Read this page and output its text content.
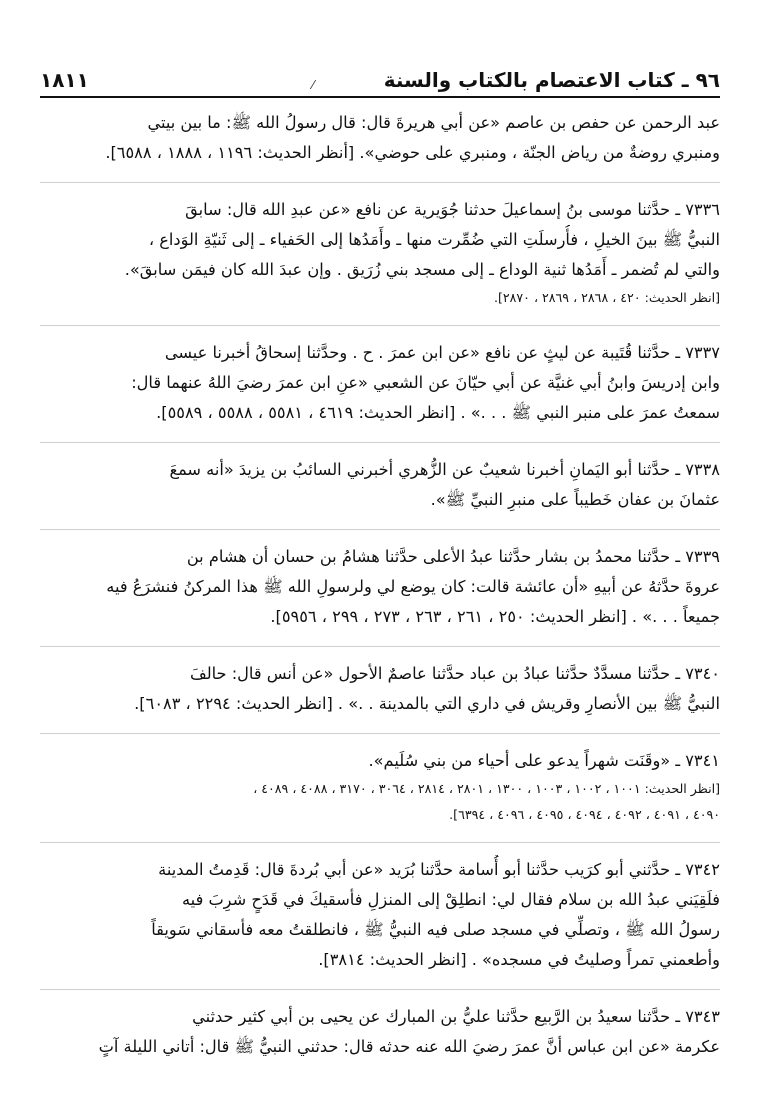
١٨١١	٩٦ ـ كتاب الاعتصام بالكتاب والسنة
⁄
عبد الرحمن عن حفص بن عاصم «عن أبي هريرةَ قال: قال رسولُ الله ﷺ: ما بين بيتي
ومنبري روضةٌ من رياض الجنّة ، ومنبري على حوضي». [أنظر الحديث: ١١٩٦ ، ١٨٨٨ ، ٦٥٨٨].
٧٣٣٦ ـ حدَّثنا موسى بنُ إسماعيلَ حدثنا جُوَيرية عن نافع «عن عبدِ الله قال: سابقَ
النبيُّ ﷺ بينَ الخيلِ ، فأُرسلَتِ التي ضُمِّرت منها ـ وأَمَدُها إلى الحَفياء ـ إلى ثَنيّةِ الوَداع ،
والتي لم تُضمر ـ أَمَدُها ثنية الوداع ـ إلى مسجد بني زُرَيق . وإن عبدَ الله كان فيمَن سابقَ».
[انظر الحديث: ٤٢٠ ، ٢٨٦٨ ، ٢٨٦٩ ، ٢٨٧٠].
٧٣٣٧ ـ حدَّثنا قُتَيبة عن ليثٍ عن نافع «عن ابن عمرَ . ح . وحدَّثنا إسحاقُ أخبرنا عيسى
وابن إدريسَ وابنُ أبي غنيَّة عن أبي حيّانَ عن الشعبي «عنِ ابن عمرَ رضيَ اللهُ عنهما قال:
سمعتُ عمرَ على منبر النبي ﷺ . . .» . [انظر الحديث: ٤٦١٩ ، ٥٥٨١ ، ٥٥٨٨ ، ٥٥٨٩].
٧٣٣٨ ـ حدَّثنا أبو اليَمانِ أخبرنا شعيبٌ عن الزُّهري أخبرني السائبُ بن يزيدَ «أنه سمعَ
عثمانَ بن عفان خَطيباً على منبرِ النبيِّ ﷺ».
٧٣٣٩ ـ حدَّثنا محمدُ بن بشار حدَّثنا عبدُ الأعلى حدَّثنا هشامُ بن حسان أن هشام بن
عروةَ حدَّثهُ عن أبيهِ «أن عائشة قالت: كان يوضع لي ولرسولِ الله ﷺ هذا المركنُ فنشرَعُ فيه
جميعاً . . .» . [انظر الحديث: ٢٥٠ ، ٢٦١ ، ٢٦٣ ، ٢٧٣ ، ٢٩٩ ، ٥٩٥٦].
٧٣٤٠ ـ حدَّثنا مسدَّدٌ حدَّثنا عبادُ بن عباد حدَّثنا عاصمٌ الأحول «عن أنس قال: حالفَ
النبيُّ ﷺ بين الأنصارِ وقريش في داري التي بالمدينة . .» . [انظر الحديث: ٢٢٩٤ ، ٦٠٨٣].
٧٣٤١ ـ «وقَنَت شهراً يدعو على أحياء من بني سُلَيم».
[انظر الحديث: ١٠٠١ ، ١٠٠٢ ، ١٠٠٣ ، ١٣٠٠ ، ٢٨٠١ ، ٢٨١٤ ، ٣٠٦٤ ، ٣١٧٠ ، ٤٠٨٨ ، ٤٠٨٩ ،
٤٠٩٠ ، ٤٠٩١ ، ٤٠٩٢ ، ٤٠٩٤ ، ٤٠٩٥ ، ٤٠٩٦ ، ٦٣٩٤].
٧٣٤٢ ـ حدَّثني أبو كرَيب حدَّثنا أبو أُسامة حدَّثنا بُرَيد «عن أبي بُردةَ قال: قَدِمتُ المدينة
فلَقِيَني عبدُ الله بن سلام فقال لي: انطلِقْ إلى المنزلِ فأسقيكَ في قَدَحٍ شرِبَ فيه
رسولُ الله ﷺ ، وتصلِّي في مسجد صلى فيه النبيُّ ﷺ ، فانطلقتُ معه فأسقاني سَويقاً
وأطعمني تمراً وصليتُ في مسجده» . [انظر الحديث: ٣٨١٤].
٧٣٤٣ ـ حدَّثنا سعيدُ بن الرَّبيع حدَّثنا عليُّ بن المبارك عن يحيى بن أبي كثير حدثني
عكرمة «عن ابن عباس أنَّ عمرَ رضيَ الله عنه حدثه قال: حدثني النبيُّ ﷺ قال: أتاني الليلة آتٍ
